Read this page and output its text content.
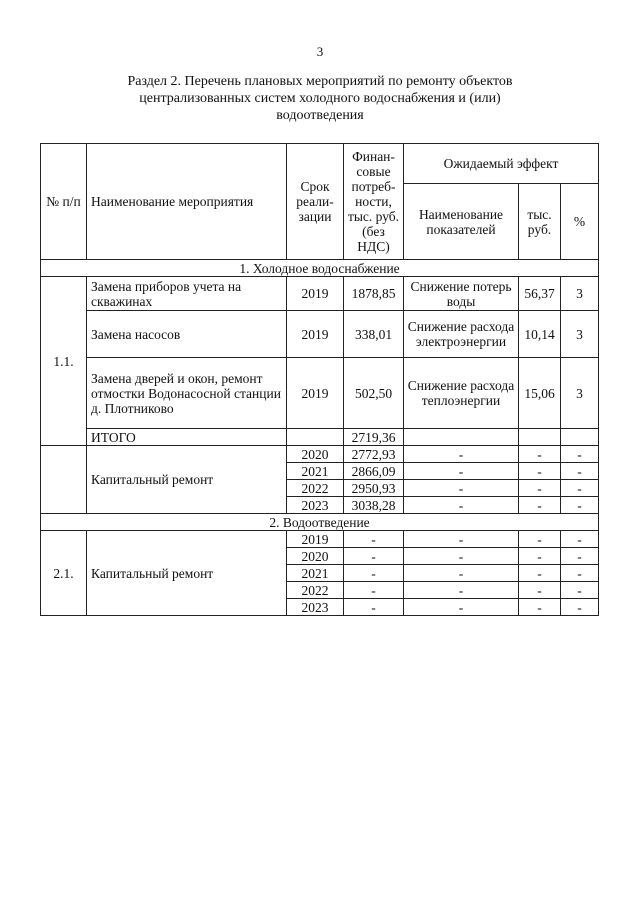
3
Раздел 2. Перечень плановых мероприятий по ремонту объектов
централизованных систем холодного водоснабжения и (или)
водоотведения
№ п/п	Наименование мероприятия	Срок реали-зации	Финан-совые потреб-ности, тыс. руб. (без НДС)	Ожидаемый эффект		
				Наименование показателей	тыс. руб.	%
1. Холодное водоснабжение						
1.1.	Замена приборов учета на скважинах	2019	1878,85	Снижение потерь воды	56,37	3
	Замена насосов	2019	338,01	Снижение расхода электроэнергии	10,14	3
	Замена дверей и окон, ремонт отмостки Водонасосной станции д. Плотниково	2019	502,50	Снижение расхода теплоэнергии	15,06	3
	ИТОГО		2719,36			
	Капитальный ремонт	2020	2772,93	-	-	-
		2021	2866,09	-	-	-
		2022	2950,93	-	-	-
		2023	3038,28	-	-	-
2. Водоотведение						
2.1.	Капитальный ремонт	2019	-	-	-	-
		2020	-	-	-	-
		2021	-	-	-	-
		2022	-	-	-	-
		2023	-	-	-	-
